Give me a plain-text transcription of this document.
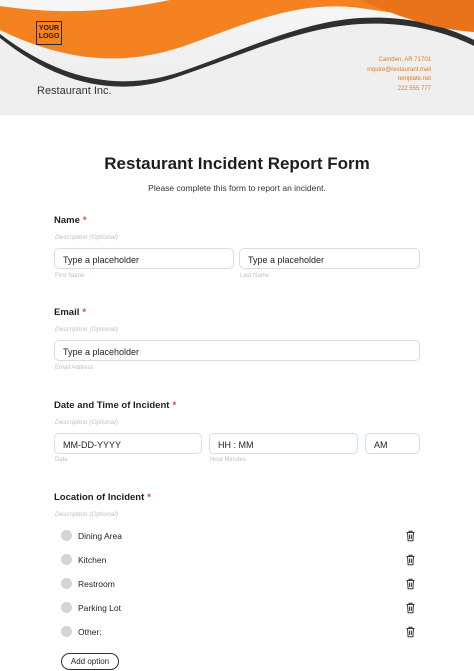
YOUR LOGO
Restaurant Inc.
Camden, AR 71701
inquire@restaurant.mail
template.net
222 555 777
Restaurant Incident Report Form
Please complete this form to report an incident.
Name *
Description (Optional)
Type a placeholder	Type a placeholder
First Name	Last Name
Email *
Description (Optional)
Type a placeholder
Email Address
Date and Time of Incident *
Description (Optional)
MM-DD-YYYY	HH : MM	AM
Date	Hour Minutes
Location of Incident *
Description (Optional)
Dining Area
Kitchen
Restroom
Parking Lot
Other:
Add option
